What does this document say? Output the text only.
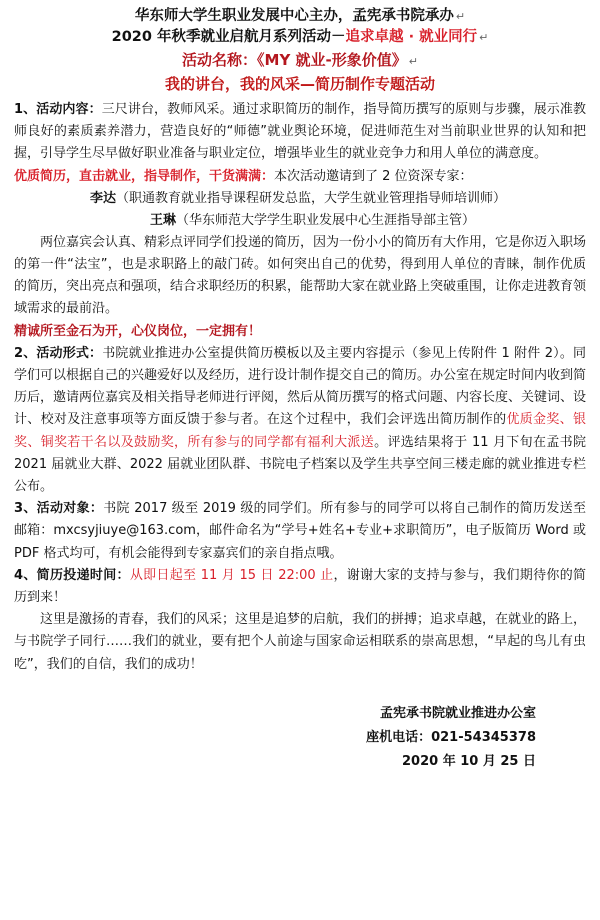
华东师大学生职业发展中心主办，孟宪承书院承办 ↵
2020 年秋季就业启航月系列活动－追求卓越 · 就业同行 ↵
活动名称：《MY 就业-形象价值》 ↵
我的讲台，我的风采—简历制作专题活动

1、活动内容：三尺讲台，教师风采。通过求职简历的制作，指导简历撰写的原则与步骤，展示准教师良好的素质素养潜力，营造良好的“师德”就业舆论环境，促进师范生对当前职业世界的认知和把握，引导学生尽早做好职业准备与职业定位，增强毕业生的就业竞争力和用人单位的满意度。

优质简历，直击就业，指导制作，干货满满：本次活动邀请到了 2 位资深专家：

李达（职通教育就业指导课程研发总监，大学生就业管理指导师培训师）
王琳（华东师范大学学生职业发展中心生涯指导部主管）

两位嘉宾会认真、精彩点评同学们投递的简历，因为一份小小的简历有大作用，它是你迈入职场的第一件“法宝”，也是求职路上的敲门砖。如何突出自己的优势，得到用人单位的青睐，制作优质的简历，突出亮点和强项，结合求职经历的积累，能帮助大家在就业路上突破重围，让你走进教育领域需求的最前沿。

精诚所至金石为开，心仪岗位，一定拥有！

2、活动形式：书院就业推进办公室提供简历模板以及主要内容提示（参见上传附件 1 附件 2）。同学们可以根据自己的兴趣爱好以及经历，进行设计制作提交自己的简历。办公室在规定时间内收到简历后，邀请两位嘉宾及相关指导老师进行评阅，然后从简历撰写的格式问题、内容长度、关键词、设计、校对及注意事项等方面反馈于参与者。在这个过程中，我们会评选出简历制作的优质金奖、银奖、铜奖若干名以及鼓励奖，所有参与的同学都有福利大派送。评选结果将于 11 月下旬在孟书院 2021 届就业大群、2022 届就业团队群、书院电子档案以及学生共享空间三楼走廊的就业推进专栏公布。

3、活动对象：书院 2017 级至 2019 级的同学们。所有参与的同学可以将自己制作的简历发送至邮箱：mxcsyjiuye@163.com，邮件命名为“学号+姓名+专业+求职简历”，电子版简历 Word 或 PDF 格式均可，有机会能得到专家嘉宾们的亲自指点哦。

4、简历投递时间：从即日起至 11 月 15 日 22:00 止，谢谢大家的支持与参与，我们期待你的简历到来！

这里是激扬的青春，我们的风采；这里是追梦的启航，我们的拼搏；追求卓越，在就业的路上，与书院学子同行……我们的就业，要有把个人前途与国家命运相联系的崇高思想，“早起的鸟儿有虫吃”，我们的自信，我们的成功！

孟宪承书院就业推进办公室
座机电话：021-54345378
2020 年 10 月 25 日
